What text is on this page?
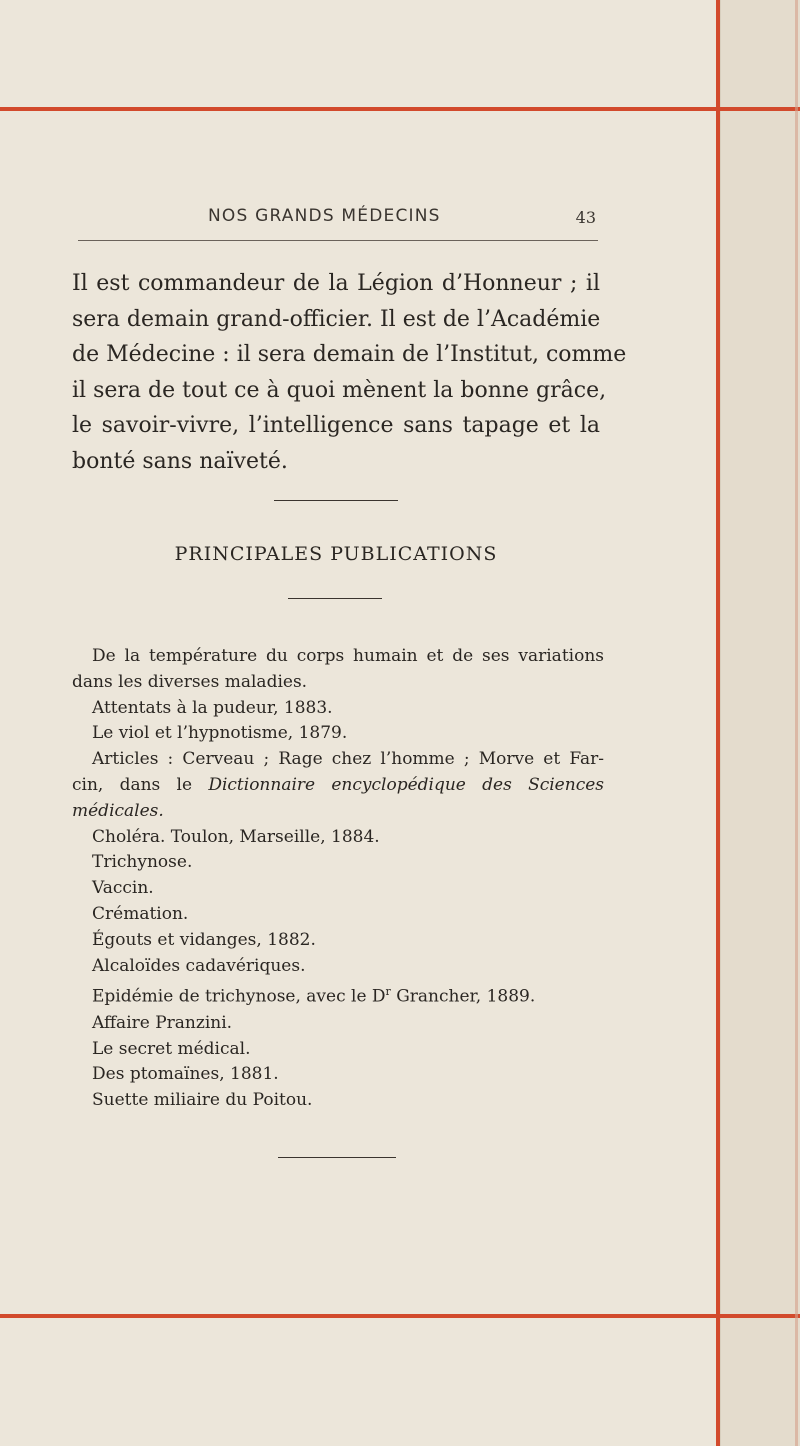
NOS GRANDS MÉDECINS	43
Il est commandeur de la Légion d’Honneur ; il
sera demain grand-officier. Il est de l’Académie
de Médecine : il sera demain de l’Institut, comme
il sera de tout ce à quoi mènent la bonne grâce,
le savoir-vivre, l’intelligence sans tapage et la
bonté sans naïveté.
PRINCIPALES PUBLICATIONS
De la température du corps humain et de ses variations
dans les diverses maladies.
Attentats à la pudeur, 1883.
Le viol et l’hypnotisme, 1879.
Articles : Cerveau ; Rage chez l’homme ; Morve et Far-
cin, dans le Dictionnaire encyclopédique des Sciences
médicales.
Choléra. Toulon, Marseille, 1884.
Trichynose.
Vaccin.
Crémation.
Égouts et vidanges, 1882.
Alcaloïdes cadavériques.
Epidémie de trichynose, avec le $D^r$ Grancher, 1889.
Affaire Pranzini.
Le secret médical.
Des ptomaïnes, 1881.
Suette miliaire du Poitou.
